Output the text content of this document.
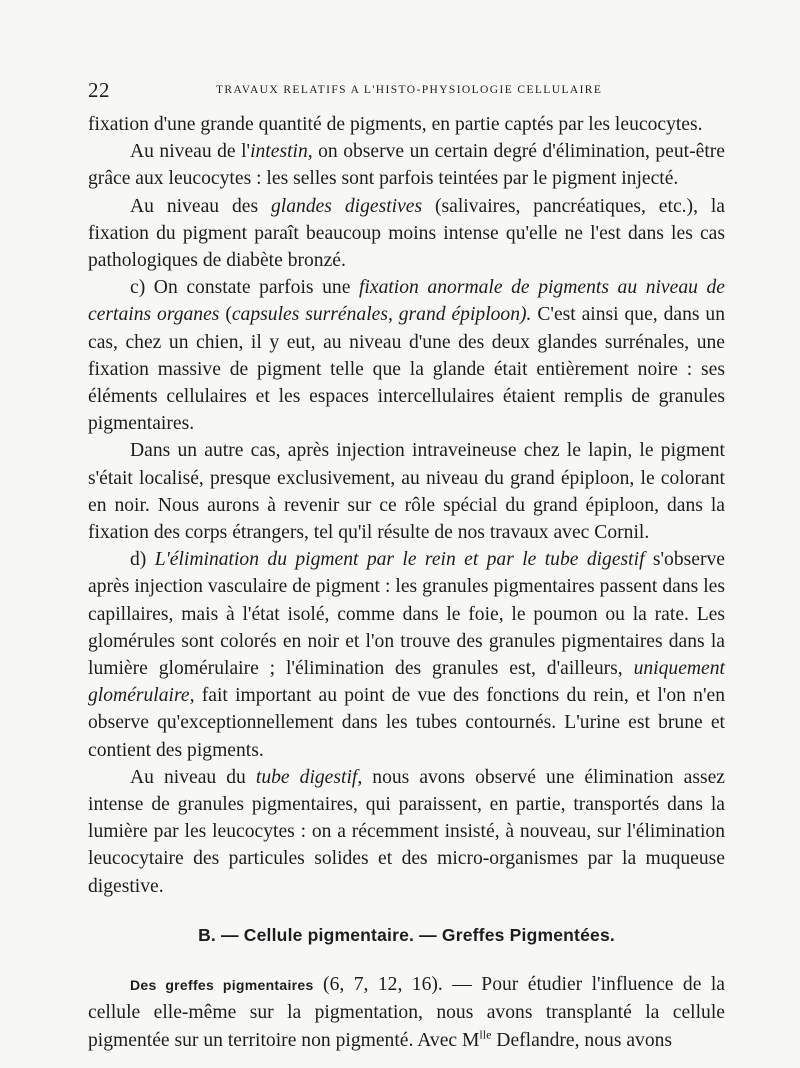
22	TRAVAUX RELATIFS A L'HISTO-PHYSIOLOGIE CELLULAIRE

fixation d'une grande quantité de pigments, en partie captés par les leucocytes.

Au niveau de l'intestin, on observe un certain degré d'élimination, peut-être grâce aux leucocytes : les selles sont parfois teintées par le pigment injecté.

Au niveau des glandes digestives (salivaires, pancréatiques, etc.), la fixation du pigment paraît beaucoup moins intense qu'elle ne l'est dans les cas pathologiques de diabète bronzé.

c) On constate parfois une fixation anormale de pigments au niveau de certains organes (capsules surrénales, grand épiploon). C'est ainsi que, dans un cas, chez un chien, il y eut, au niveau d'une des deux glandes surrénales, une fixation massive de pigment telle que la glande était entièrement noire : ses éléments cellulaires et les espaces intercellulaires étaient remplis de granules pigmentaires.

Dans un autre cas, après injection intraveineuse chez le lapin, le pigment s'était localisé, presque exclusivement, au niveau du grand épiploon, le colorant en noir. Nous aurons à revenir sur ce rôle spécial du grand épiploon, dans la fixation des corps étrangers, tel qu'il résulte de nos travaux avec Cornil.

d) L'élimination du pigment par le rein et par le tube digestif s'observe après injection vasculaire de pigment : les granules pigmentaires passent dans les capillaires, mais à l'état isolé, comme dans le foie, le poumon ou la rate. Les glomérules sont colorés en noir et l'on trouve des granules pigmentaires dans la lumière glomérulaire ; l'élimination des granules est, d'ailleurs, uniquement glomérulaire, fait important au point de vue des fonctions du rein, et l'on n'en observe qu'exceptionnellement dans les tubes contournés. L'urine est brune et contient des pigments.

Au niveau du tube digestif, nous avons observé une élimination assez intense de granules pigmentaires, qui paraissent, en partie, transportés dans la lumière par les leucocytes : on a récemment insisté, à nouveau, sur l'élimination leucocytaire des particules solides et des micro-organismes par la muqueuse digestive.

B. — Cellule pigmentaire. — Greffes Pigmentées.

Des greffes pigmentaires (6, 7, 12, 16). — Pour étudier l'influence de la cellule elle-même sur la pigmentation, nous avons transplanté la cellule pigmentée sur un territoire non pigmenté. Avec $M^{lle}$ Deflandre, nous avons
